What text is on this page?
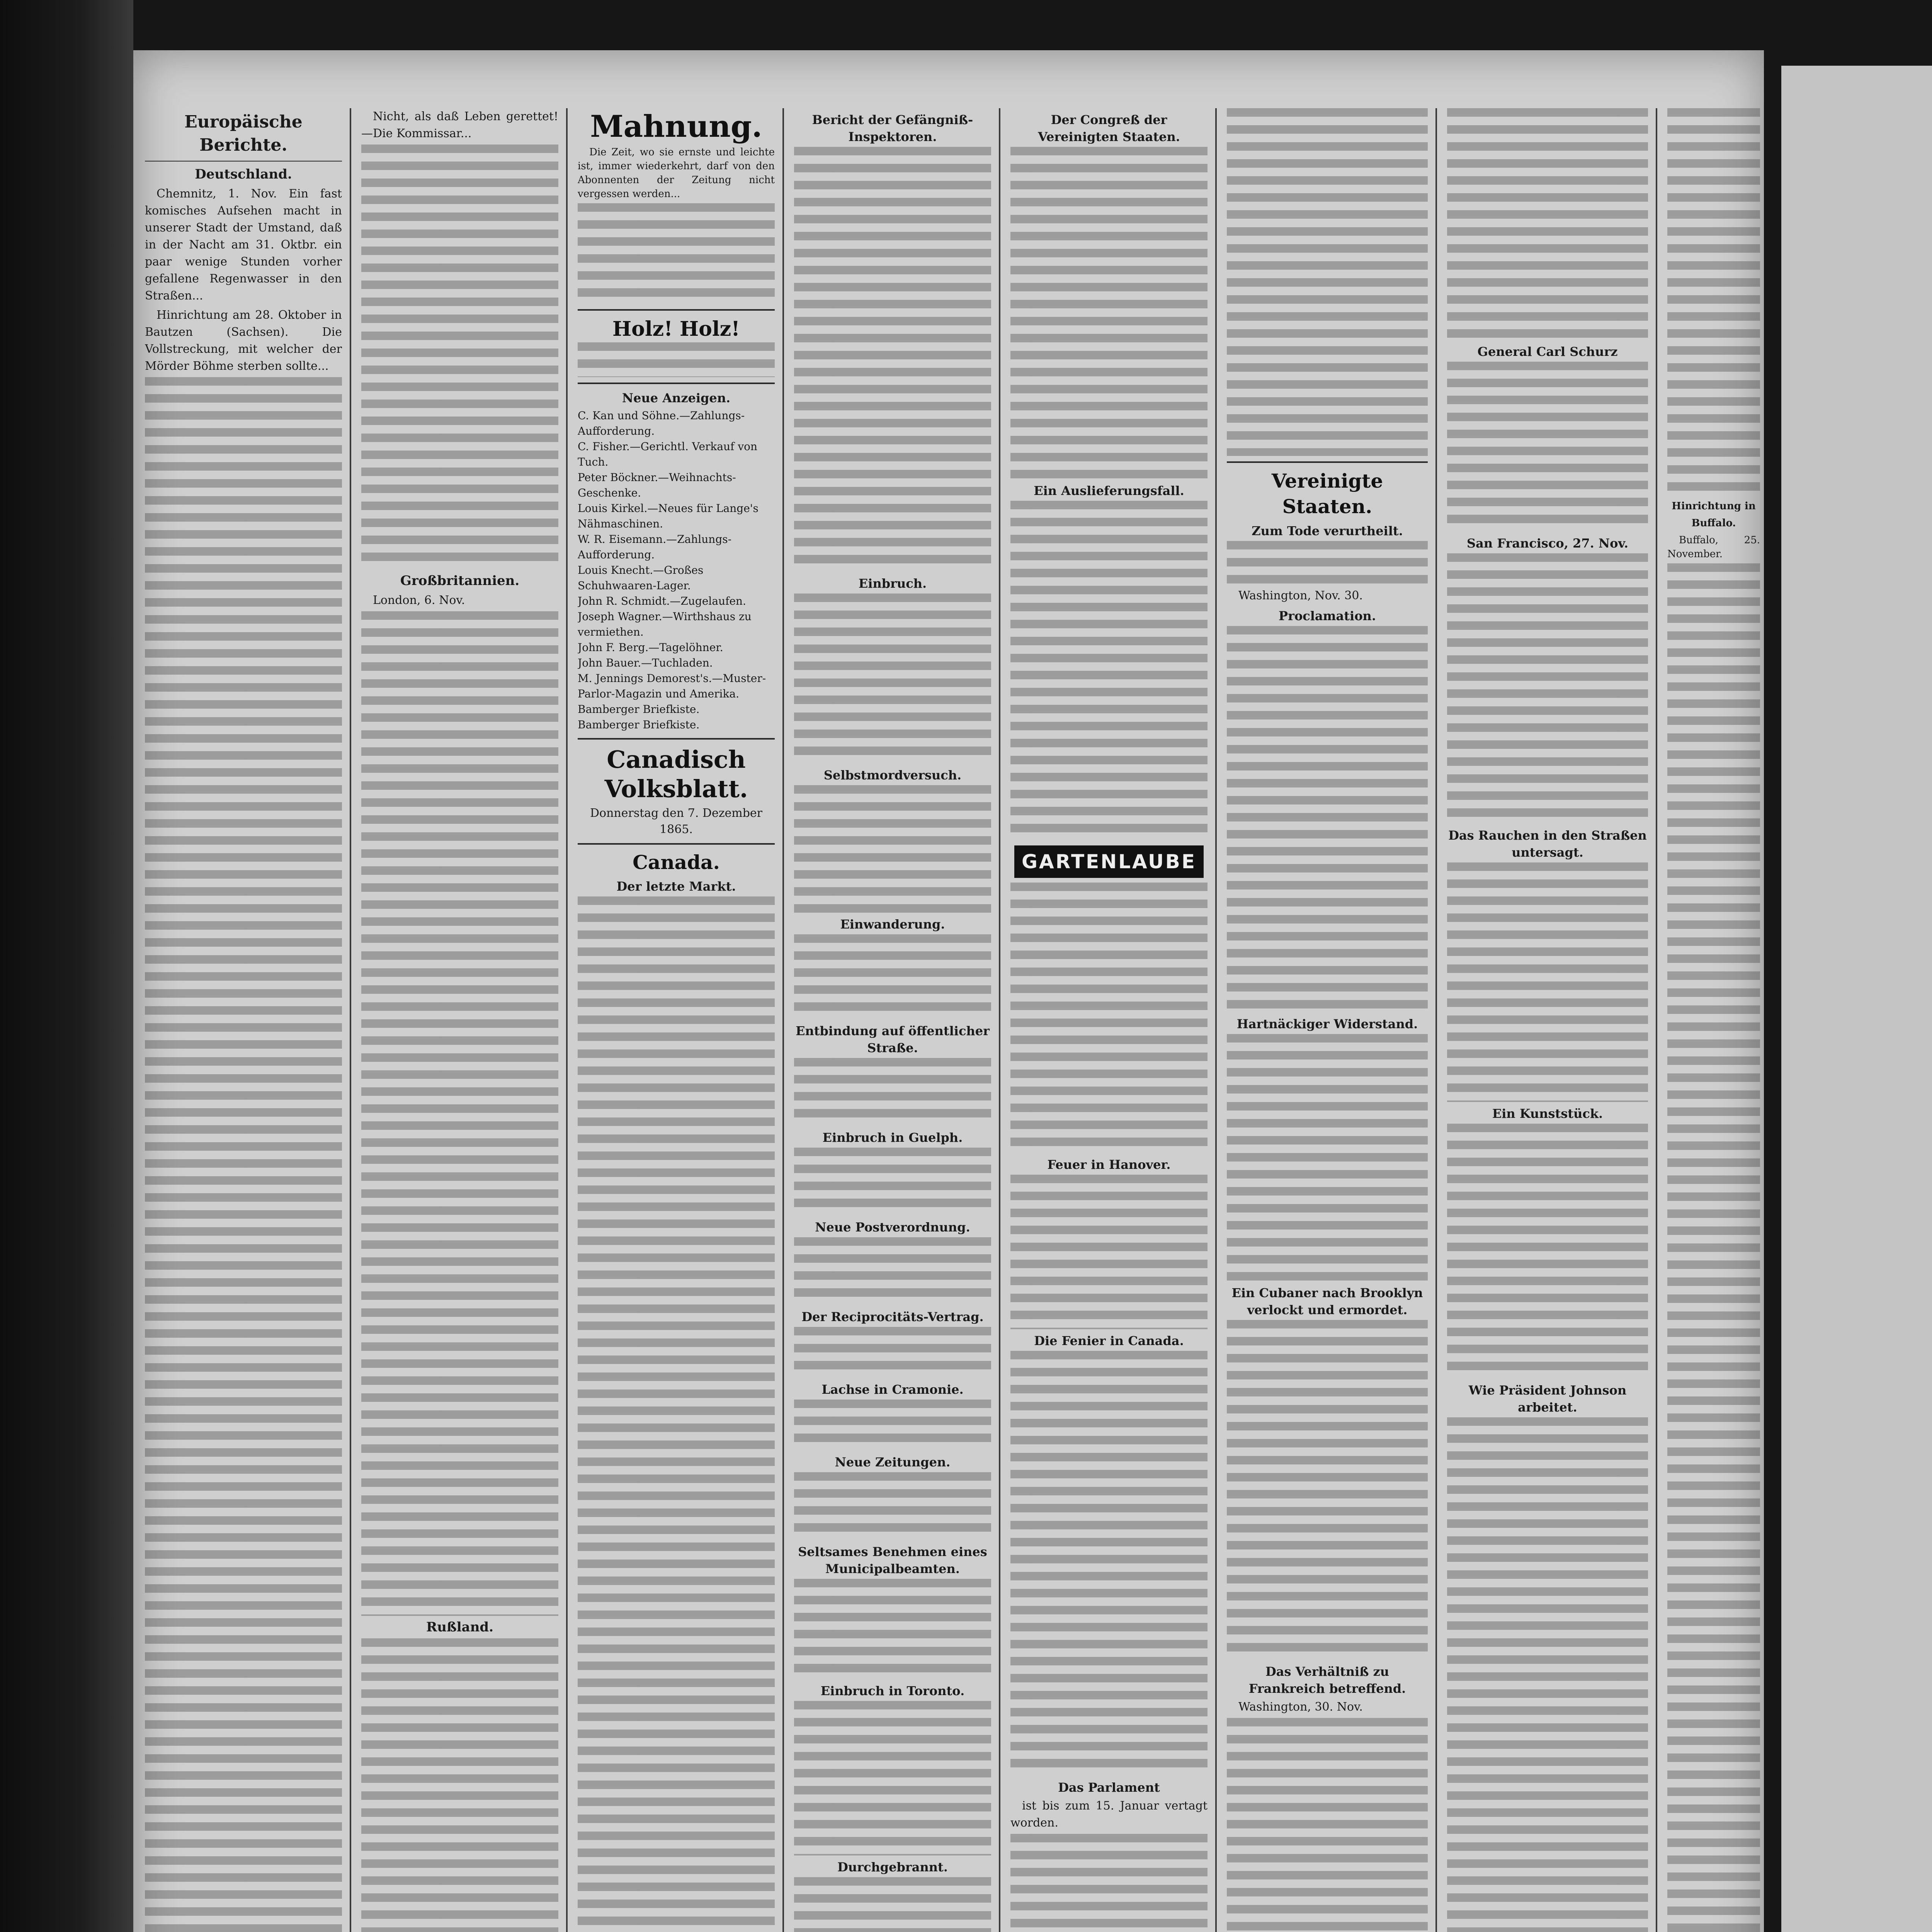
Europäische Berichte.
Deutschland.
Chemnitz, 1. Nov. Ein fast komisches Aufsehen macht in unserer Stadt der Umstand, daß in der Nacht am 31. Oktbr. ein paar wenige Stunden vorher gefallene Regenwasser in den Straßen...
Hinrichtung am 28. Oktober in Bautzen (Sachsen). Die Vollstreckung, mit welcher der Mörder Böhme sterben sollte...
Nicht, als daß Leben gerettet! —Die Kommissar...
Großbritannien.
London, 6. Nov.
Rußland.
Mahnung.
Die Zeit, wo sie ernste und leichte ist, immer wiederkehrt, darf von den Abonnenten der Zeitung nicht vergessen werden...
Holz! Holz!
Neue Anzeigen.
C. Kan und Söhne.—Zahlungs-Aufforderung.
C. Fisher.—Gerichtl. Verkauf von Tuch.
Peter Böckner.—Weihnachts-Geschenke.
Louis Kirkel.—Neues für Lange's Nähmaschinen.
W. R. Eisemann.—Zahlungs-Aufforderung.
Louis Knecht.—Großes Schuhwaaren-Lager.
John R. Schmidt.—Zugelaufen.
Joseph Wagner.—Wirthshaus zu vermiethen.
John F. Berg.—Tagelöhner.
John Bauer.—Tuchladen.
M. Jennings Demorest's.—Muster-Parlor-Magazin und Amerika.
Bamberger Briefkiste.
Bamberger Briefkiste.
Canadisch Volksblatt.
Donnerstag den 7. Dezember 1865.
Canada.
Der letzte Markt.
Bericht der Gefängniß-Inspektoren.
Einbruch.
Selbstmordversuch.
Einwanderung.
Entbindung auf öffentlicher Straße.
Einbruch in Guelph.
Neue Postverordnung.
Der Reciprocitäts-Vertrag.
Lachse in Cramonie.
Neue Zeitungen.
Seltsames Benehmen eines Municipalbeamten.
Einbruch in Toronto.
Durchgebrannt.
Der Congreß der Vereinigten Staaten.
Ein Auslieferungsfall.
GARTENLAUBE
Feuer in Hanover.
Die Fenier in Canada.
Das Parlament
ist bis zum 15. Januar vertagt worden.
Vereinigte Staaten.
Zum Tode verurtheilt.
Washington, Nov. 30.
Proclamation.
Hartnäckiger Widerstand.
Ein Cubaner nach Brooklyn verlockt und ermordet.
Das Verhältniß zu Frankreich betreffend.
Washington, 30. Nov.
General Carl Schurz
San Francisco, 27. Nov.
Das Rauchen in den Straßen untersagt.
Ein Kunststück.
Wie Präsident Johnson arbeitet.
Hinrichtung in Buffalo.
Buffalo, 25. November.
